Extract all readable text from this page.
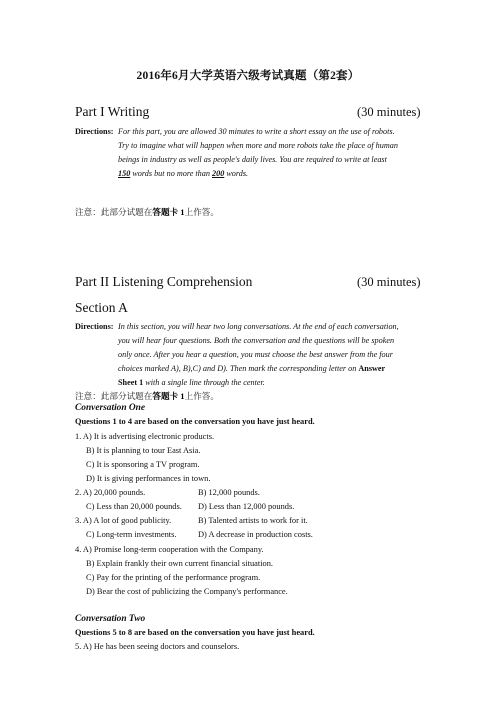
2016年6月大学英语六级考试真题（第2套）
Part I Writing	(30 minutes)
Directions: For this part, you are allowed 30 minutes to write a short essay on the use of robots.
Try to imagine what will happen when more and more robots take the place of human
beings in industry as well as people's daily lives. You are required to write at least
150 words but no more than 200 words.
注意：此部分试题在答题卡 1上作答。
Part II Listening Comprehension	(30 minutes)
Section A
Directions: In this section, you will hear two long conversations. At the end of each conversation,
you will hear four questions. Both the conversation and the questions will be spoken
only once. After you hear a question, you must choose the best answer from the four
choices marked A), B),C) and D). Then mark the corresponding letter on Answer
Sheet 1 with a single line through the center.
注意：此部分试题在答题卡 1上作答。
Conversation One
Questions 1 to 4 are based on the conversation you have just heard.
1. A) It is advertising electronic products.
B) It is planning to tour East Asia.
C) It is sponsoring a TV program.
D) It is giving performances in town.
2. A) 20,000 pounds.	B) 12,000 pounds.
C) Less than 20,000 pounds. D) Less than 12,000 pounds.
3. A) A lot of good publicity.	B) Talented artists to work for it.
C) Long-term investments.	D) A decrease in production costs.
4. A) Promise long-term cooperation with the Company.
B) Explain frankly their own current financial situation.
C) Pay for the printing of the performance program.
D) Bear the cost of publicizing the Company's performance.
Conversation Two
Questions 5 to 8 are based on the conversation you have just heard.
5. A) He has been seeing doctors and counselors.
